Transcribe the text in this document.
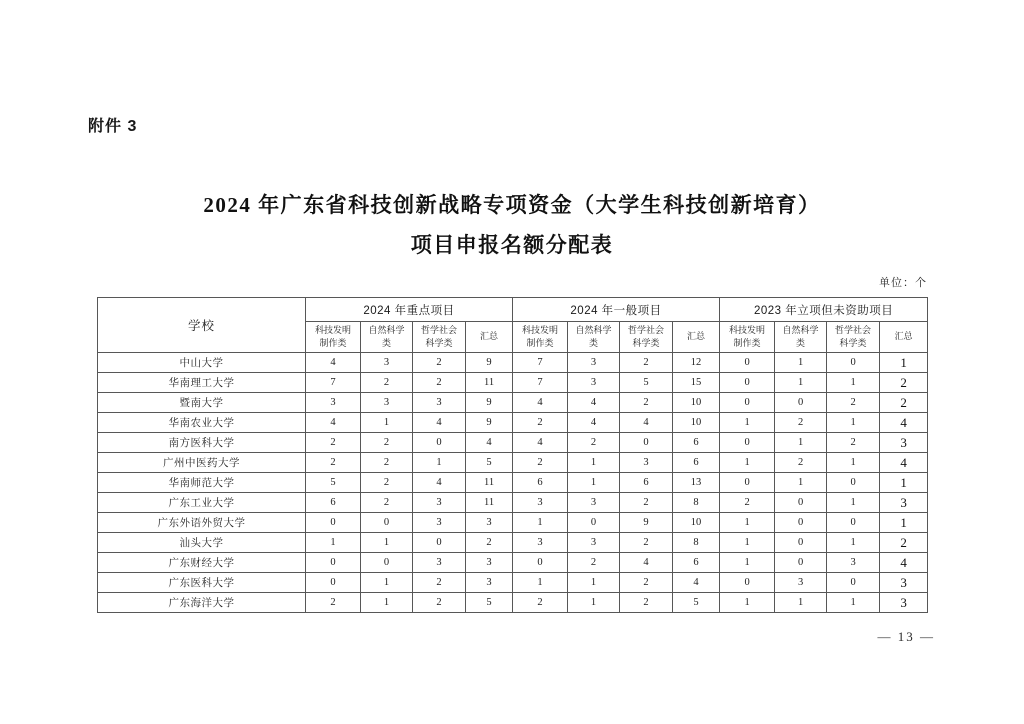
附件 3
2024 年广东省科技创新战略专项资金（大学生科技创新培育）
项目申报名额分配表
单位：个
学校	2024 年重点项目				2024 年一般项目				2023 年立项但未资助项目			
	科技发明制作类	自然科学类	哲学社会科学类	汇总	科技发明制作类	自然科学类	哲学社会科学类	汇总	科技发明制作类	自然科学类	哲学社会科学类	汇总
中山大学	4	3	2	9	7	3	2	12	0	1	0	1
华南理工大学	7	2	2	11	7	3	5	15	0	1	1	2
暨南大学	3	3	3	9	4	4	2	10	0	0	2	2
华南农业大学	4	1	4	9	2	4	4	10	1	2	1	4
南方医科大学	2	2	0	4	4	2	0	6	0	1	2	3
广州中医药大学	2	2	1	5	2	1	3	6	1	2	1	4
华南师范大学	5	2	4	11	6	1	6	13	0	1	0	1
广东工业大学	6	2	3	11	3	3	2	8	2	0	1	3
广东外语外贸大学	0	0	3	3	1	0	9	10	1	0	0	1
汕头大学	1	1	0	2	3	3	2	8	1	0	1	2
广东财经大学	0	0	3	3	0	2	4	6	1	0	3	4
广东医科大学	0	1	2	3	1	1	2	4	0	3	0	3
广东海洋大学	2	1	2	5	2	1	2	5	1	1	1	3
— 13 —
